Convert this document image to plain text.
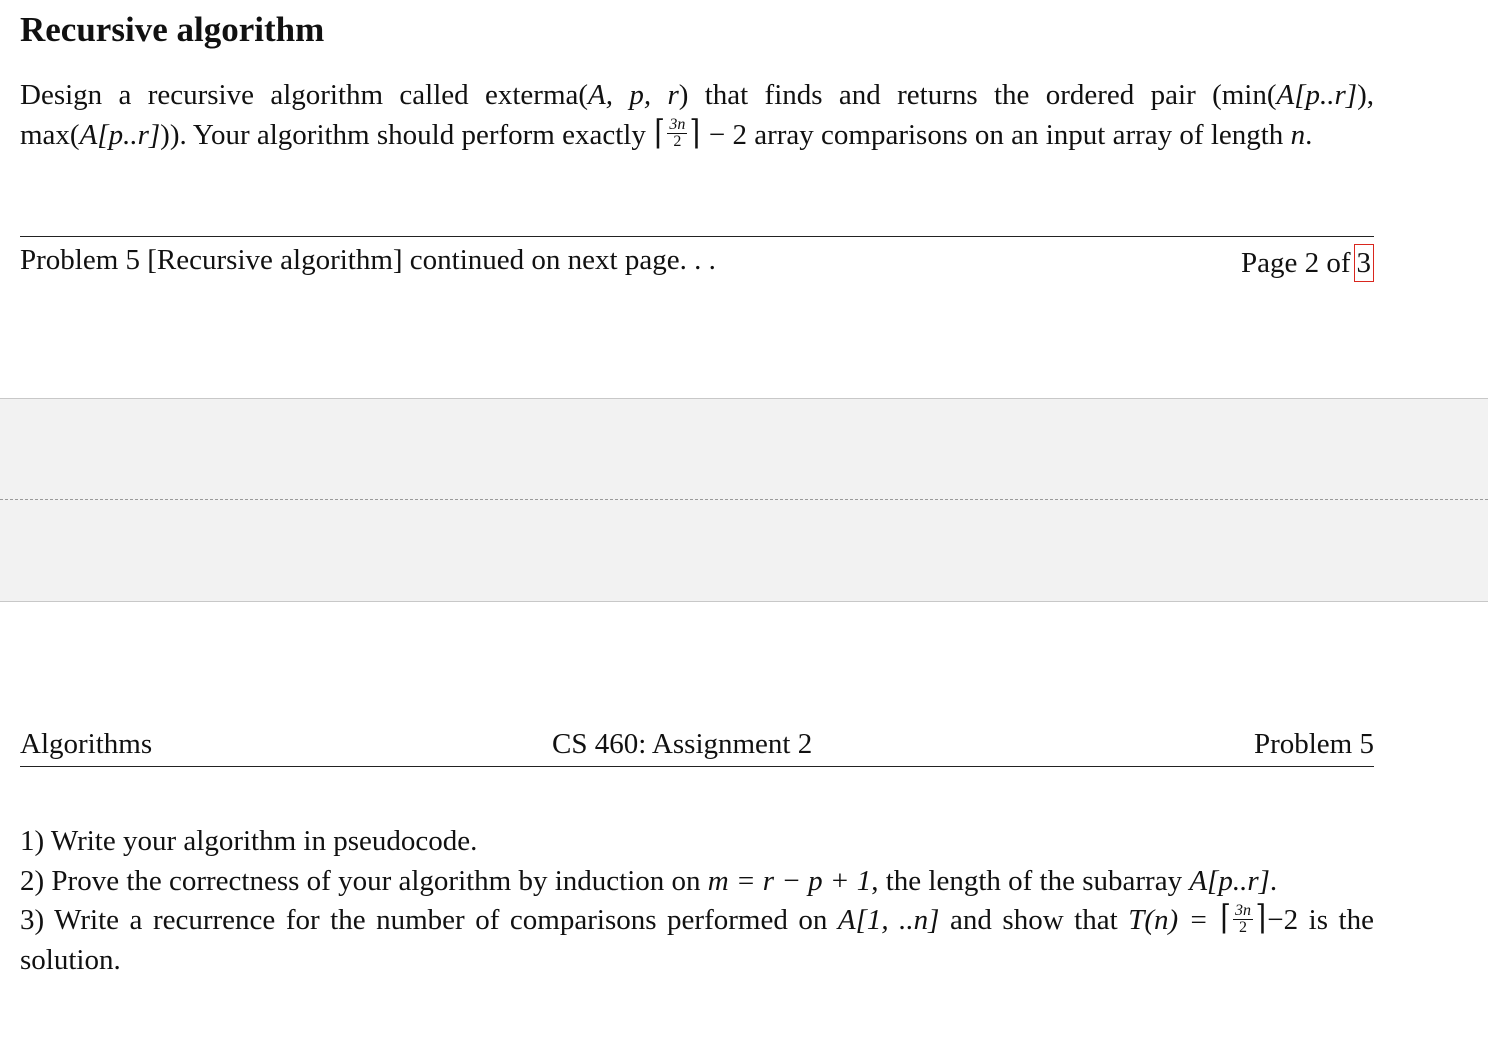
Recursive algorithm
Design a recursive algorithm called exterma(A, p, r) that finds and returns the ordered pair (min(A[p..r]), max(A[p..r])). Your algorithm should perform exactly ⌈ $\frac{3n}{2}$ ⌉ − 2 array comparisons on an input array of length n.
Problem 5 [Recursive algorithm] continued on next page. . .	Page 2 of 3
Algorithms	CS 460: Assignment 2	Problem 5
1) Write your algorithm in pseudocode.
2) Prove the correctness of your algorithm by induction on m = r − p + 1, the length of the subarray A[p..r].
3) Write a recurrence for the number of comparisons performed on A[1, ..n] and show that T(n) = ⌈ $\frac{3n}{2}$ ⌉−2 is the solution.
